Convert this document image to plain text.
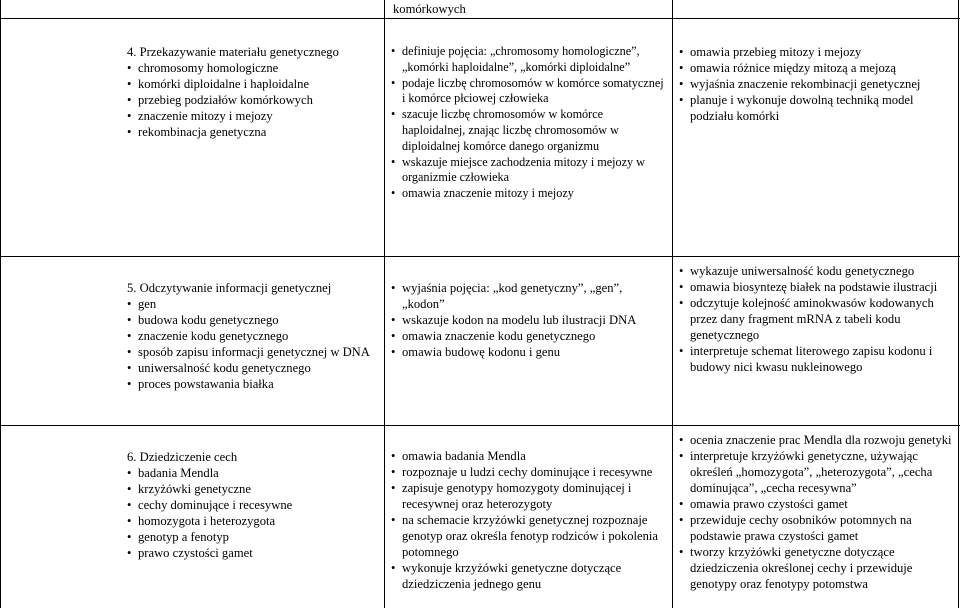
komórkowych
4. Przekazywanie materiału genetycznego
• chromosomy homologiczne
• komórki diploidalne i haploidalne
• przebieg podziałów komórkowych
• znaczenie mitozy i mejozy
• rekombinacja genetyczna
• definiuje pojęcia: „chromosomy homologiczne”, „komórki haploidalne”, „komórki diploidalne”
• podaje liczbę chromosomów w komórce somatycznej i komórce płciowej człowieka
• szacuje liczbę chromosomów w komórce haploidalnej, znając liczbę chromosomów w diploidalnej komórce danego organizmu
• wskazuje miejsce zachodzenia mitozy i mejozy w organizmie człowieka
• omawia znaczenie mitozy i mejozy
• omawia przebieg mitozy i mejozy
• omawia różnice między mitozą a mejozą
• wyjaśnia znaczenie rekombinacji genetycznej
• planuje i wykonuje dowolną techniką model podziału komórki
5. Odczytywanie informacji genetycznej
• gen
• budowa kodu genetycznego
• znaczenie kodu genetycznego
• sposób zapisu informacji genetycznej w DNA
• uniwersalność kodu genetycznego
• proces powstawania białka
• wyjaśnia pojęcia: „kod genetyczny”, „gen”, „kodon”
• wskazuje kodon na modelu lub ilustracji DNA
• omawia znaczenie kodu genetycznego
• omawia budowę kodonu i genu
• wykazuje uniwersalność kodu genetycznego
• omawia biosyntezę białek na podstawie ilustracji
• odczytuje kolejność aminokwasów kodowanych przez dany fragment mRNA z tabeli kodu genetycznego
• interpretuje schemat literowego zapisu kodonu i budowy nici kwasu nukleinowego
6. Dziedziczenie cech
• badania Mendla
• krzyżówki genetyczne
• cechy dominujące i recesywne
• homozygota i heterozygota
• genotyp a fenotyp
• prawo czystości gamet
• omawia badania Mendla
• rozpoznaje u ludzi cechy dominujące i recesywne
• zapisuje genotypy homozygoty dominującej i recesywnej oraz heterozygoty
• na schemacie krzyżówki genetycznej rozpoznaje genotyp oraz określa fenotyp rodziców i pokolenia potomnego
• wykonuje krzyżówki genetyczne dotyczące dziedziczenia jednego genu
• ocenia znaczenie prac Mendla dla rozwoju genetyki
• interpretuje krzyżówki genetyczne, używając określeń „homozygota”, „heterozygota”, „cecha dominująca”, „cecha recesywna”
• omawia prawo czystości gamet
• przewiduje cechy osobników potomnych na podstawie prawa czystości gamet
• tworzy krzyżówki genetyczne dotyczące dziedziczenia określonej cechy i przewiduje genotypy oraz fenotypy potomstwa
